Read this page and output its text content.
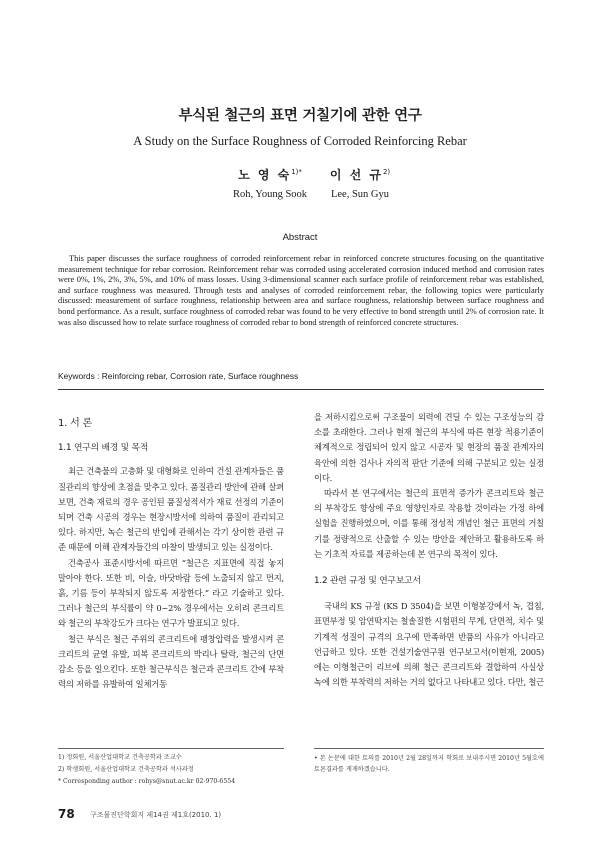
부식된 철근의 표면 거칠기에 관한 연구
A Study on the Surface Roughness of Corroded Reinforcing Rebar
노 영 숙$^{1)*}$
Roh, Young Sook
이 선 규$^{2)}$
Lee, Sun Gyu
Abstract
This paper discusses the surface roughness of corroded reinforcement rebar in reinforced concrete structures focusing on the quantitative measurement technique for rebar corrosion. Reinforcement rebar was corroded using accelerated corrosion induced method and corrosion rates were 0%, 1%, 2%, 3%, 5%, and 10% of mass losses. Using 3-dimensional scanner each surface profile of reinforcement rebar was established, and surface roughness was measured. Through tests and analyses of corroded reinforcement rebar, the following topics were particularly discussed: measurement of surface roughness, relationship between area and surface roughness, relationship between surface roughness and bond performance. As a result, surface roughness of corroded rebar was found to be very effective to bond strength until 2% of corrosion rate. It was also discussed how to relate surface roughness of corroded rebar to bond strength of reinforced concrete structures.
Keywords : Reinforcing rebar, Corrosion rate, Surface roughness
1. 서 론
1.1 연구의 배경 및 목적

최근 건축물의 고층화 및 대형화로 인하여 건설 관계자들은 품질관리의 향상에 초점을 맞추고 있다. 품질관리 방안에 관해 살펴보면, 건축 재료의 경우 공인된 품질성적서가 재료 선정의 기준이 되며 건축 시공의 경우는 현장시방서에 의하여 품질이 관리되고 있다. 하지만, 녹슨 철근의 반입에 관해서는 각기 상이한 관련 규준 때문에 이해 관계자들간의 마찰이 발생되고 있는 실정이다.

건축공사 표준시방서에 따르면 “철근은 지표면에 직접 놓지 말아야 한다. 또한 비, 이슬, 바닷바람 등에 노출되지 않고 먼지, 흙, 기름 등이 부착되지 않도록 저장한다.” 라고 기술하고 있다. 그러나 철근의 부식률이 약 0~2% 경우에서는 오히려 콘크리트와 철근의 부착강도가 크다는 연구가 발표되고 있다.

철근 부식은 철근 주위의 콘크리트에 팽창압력을 발생시켜 콘크리트의 균열 유발, 피복 콘크리트의 박리나 탈락, 철근의 단면감소 등을 일으킨다. 또한 철근부식은 철근과 콘크리트 간에 부착력의 저하를 유발하여 일체거동

을 저하시킴으로써 구조물이 외력에 견딜 수 있는 구조성능의 감소를 초래한다. 그러나 현재 철근의 부식에 따른 현장 적용기준이 체계적으로 정립되어 있지 않고 시공자 및 현장의 품질 관계자의 육안에 의한 검사나 자의적 판단 기준에 의해 구분되고 있는 실정이다.

따라서 본 연구에서는 철근의 표면적 증가가 콘크리트와 철근의 부착강도 향상에 주요 영향인자로 작용할 것이라는 가정 하에 실험을 진행하였으며, 이를 통해 정성적 개념인 철근 표면의 거칠기를 정량적으로 산출할 수 있는 방안을 제안하고 활용하도록 하는 기초적 자료를 제공하는데 본 연구의 목적이 있다.

1.2 관련 규정 및 연구보고서

국내의 KS 규정 (KS D 3504)을 보면 이형봉강에서 녹, 겹침, 표면부정 및 암연딱지는 철솔질한 시험편의 무게, 단면적, 치수 및 기계적 성질이 규격의 요구에 만족하면 반품의 사유가 아니라고 언급하고 있다. 또한 건설기술연구원 연구보고서(이현재, 2005)에는 이형철근이 리브에 의해 철근 콘크리트와 결합하여 사실상 녹에 의한 부착력의 저하는 거의 없다고 나타내고 있다. 다만, 철근

1) 정회원, 서울산업대학교 건축공학과 조교수
2) 학생회원, 서울산업대학교 건축공학과 석사과정
* Corresponding author : rohys@snut.ac.kr 02-970-6554
• 본 논문에 대한 토의를 2010년 2월 28일까지 학회로 보내주시면 2010년 5월호에 토론결과를 게재하겠습니다.
78 구조물진단학회지 제14권 제1호(2010. 1)
